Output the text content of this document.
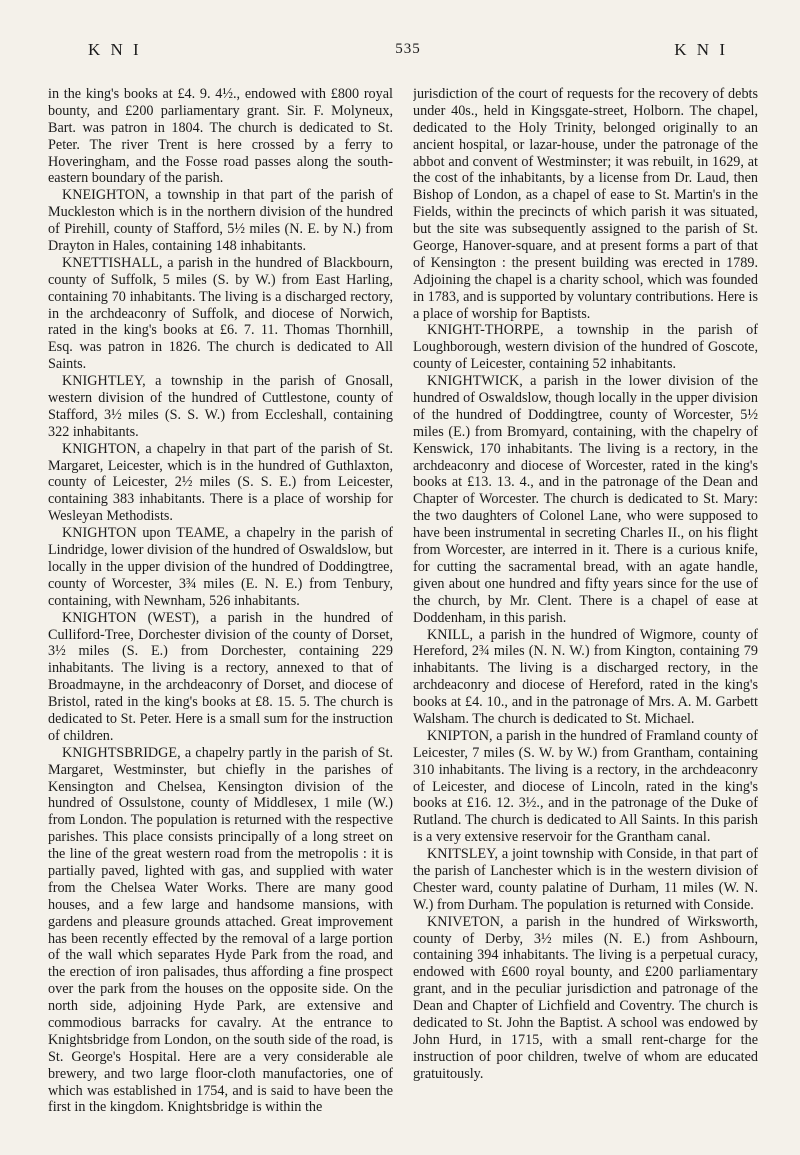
K N I	535	K N I

in the king's books at £4. 9. 4½., endowed with £800 royal bounty, and £200 parliamentary grant. Sir. F. Molyneux, Bart. was patron in 1804. The church is dedicated to St. Peter. The river Trent is here crossed by a ferry to Hoveringham, and the Fosse road passes along the south-eastern boundary of the parish.

KNEIGHTON, a township in that part of the parish of Muckleston which is in the northern division of the hundred of Pirehill, county of Stafford, 5½ miles (N. E. by N.) from Drayton in Hales, containing 148 inhabitants.

KNETTISHALL, a parish in the hundred of Blackbourn, county of Suffolk, 5 miles (S. by W.) from East Harling, containing 70 inhabitants. The living is a discharged rectory, in the archdeaconry of Suffolk, and diocese of Norwich, rated in the king's books at £6. 7. 11. Thomas Thornhill, Esq. was patron in 1826. The church is dedicated to All Saints.

KNIGHTLEY, a township in the parish of Gnosall, western division of the hundred of Cuttlestone, county of Stafford, 3½ miles (S. S. W.) from Eccleshall, containing 322 inhabitants.

KNIGHTON, a chapelry in that part of the parish of St. Margaret, Leicester, which is in the hundred of Guthlaxton, county of Leicester, 2½ miles (S. S. E.) from Leicester, containing 383 inhabitants. There is a place of worship for Wesleyan Methodists.

KNIGHTON upon TEAME, a chapelry in the parish of Lindridge, lower division of the hundred of Oswaldslow, but locally in the upper division of the hundred of Doddingtree, county of Worcester, 3¾ miles (E. N. E.) from Tenbury, containing, with Newnham, 526 inhabitants.

KNIGHTON (WEST), a parish in the hundred of Culliford-Tree, Dorchester division of the county of Dorset, 3½ miles (S. E.) from Dorchester, containing 229 inhabitants. The living is a rectory, annexed to that of Broadmayne, in the archdeaconry of Dorset, and diocese of Bristol, rated in the king's books at £8. 15. 5. The church is dedicated to St. Peter. Here is a small sum for the instruction of children.

KNIGHTSBRIDGE, a chapelry partly in the parish of St. Margaret, Westminster, but chiefly in the parishes of Kensington and Chelsea, Kensington division of the hundred of Ossulstone, county of Middlesex, 1 mile (W.) from London. The population is returned with the respective parishes. This place consists principally of a long street on the line of the great western road from the metropolis : it is partially paved, lighted with gas, and supplied with water from the Chelsea Water Works. There are many good houses, and a few large and handsome mansions, with gardens and pleasure grounds attached. Great improvement has been recently effected by the removal of a large portion of the wall which separates Hyde Park from the road, and the erection of iron palisades, thus affording a fine prospect over the park from the houses on the opposite side. On the north side, adjoining Hyde Park, are extensive and commodious barracks for cavalry. At the entrance to Knightsbridge from London, on the south side of the road, is St. George's Hospital. Here are a very considerable ale brewery, and two large floor-cloth manufactories, one of which was established in 1754, and is said to have been the first in the kingdom. Knightsbridge is within the

jurisdiction of the court of requests for the recovery of debts under 40s., held in Kingsgate-street, Holborn. The chapel, dedicated to the Holy Trinity, belonged originally to an ancient hospital, or lazar-house, under the patronage of the abbot and convent of Westminster; it was rebuilt, in 1629, at the cost of the inhabitants, by a license from Dr. Laud, then Bishop of London, as a chapel of ease to St. Martin's in the Fields, within the precincts of which parish it was situated, but the site was subsequently assigned to the parish of St. George, Hanover-square, and at present forms a part of that of Kensington : the present building was erected in 1789. Adjoining the chapel is a charity school, which was founded in 1783, and is supported by voluntary contributions. Here is a place of worship for Baptists.

KNIGHT-THORPE, a township in the parish of Loughborough, western division of the hundred of Goscote, county of Leicester, containing 52 inhabitants.

KNIGHTWICK, a parish in the lower division of the hundred of Oswaldslow, though locally in the upper division of the hundred of Doddingtree, county of Worcester, 5½ miles (E.) from Bromyard, containing, with the chapelry of Kenswick, 170 inhabitants. The living is a rectory, in the archdeaconry and diocese of Worcester, rated in the king's books at £13. 13. 4., and in the patronage of the Dean and Chapter of Worcester. The church is dedicated to St. Mary: the two daughters of Colonel Lane, who were supposed to have been instrumental in secreting Charles II., on his flight from Worcester, are interred in it. There is a curious knife, for cutting the sacramental bread, with an agate handle, given about one hundred and fifty years since for the use of the church, by Mr. Clent. There is a chapel of ease at Doddenham, in this parish.

KNILL, a parish in the hundred of Wigmore, county of Hereford, 2¾ miles (N. N. W.) from Kington, containing 79 inhabitants. The living is a discharged rectory, in the archdeaconry and diocese of Hereford, rated in the king's books at £4. 10., and in the patronage of Mrs. A. M. Garbett Walsham. The church is dedicated to St. Michael.

KNIPTON, a parish in the hundred of Framland county of Leicester, 7 miles (S. W. by W.) from Grantham, containing 310 inhabitants. The living is a rectory, in the archdeaconry of Leicester, and diocese of Lincoln, rated in the king's books at £16. 12. 3½., and in the patronage of the Duke of Rutland. The church is dedicated to All Saints. In this parish is a very extensive reservoir for the Grantham canal.

KNITSLEY, a joint township with Conside, in that part of the parish of Lanchester which is in the western division of Chester ward, county palatine of Durham, 11 miles (W. N. W.) from Durham. The population is returned with Conside.

KNIVETON, a parish in the hundred of Wirksworth, county of Derby, 3½ miles (N. E.) from Ashbourn, containing 394 inhabitants. The living is a perpetual curacy, endowed with £600 royal bounty, and £200 parliamentary grant, and in the peculiar jurisdiction and patronage of the Dean and Chapter of Lichfield and Coventry. The church is dedicated to St. John the Baptist. A school was endowed by John Hurd, in 1715, with a small rent-charge for the instruction of poor children, twelve of whom are educated gratuitously.
